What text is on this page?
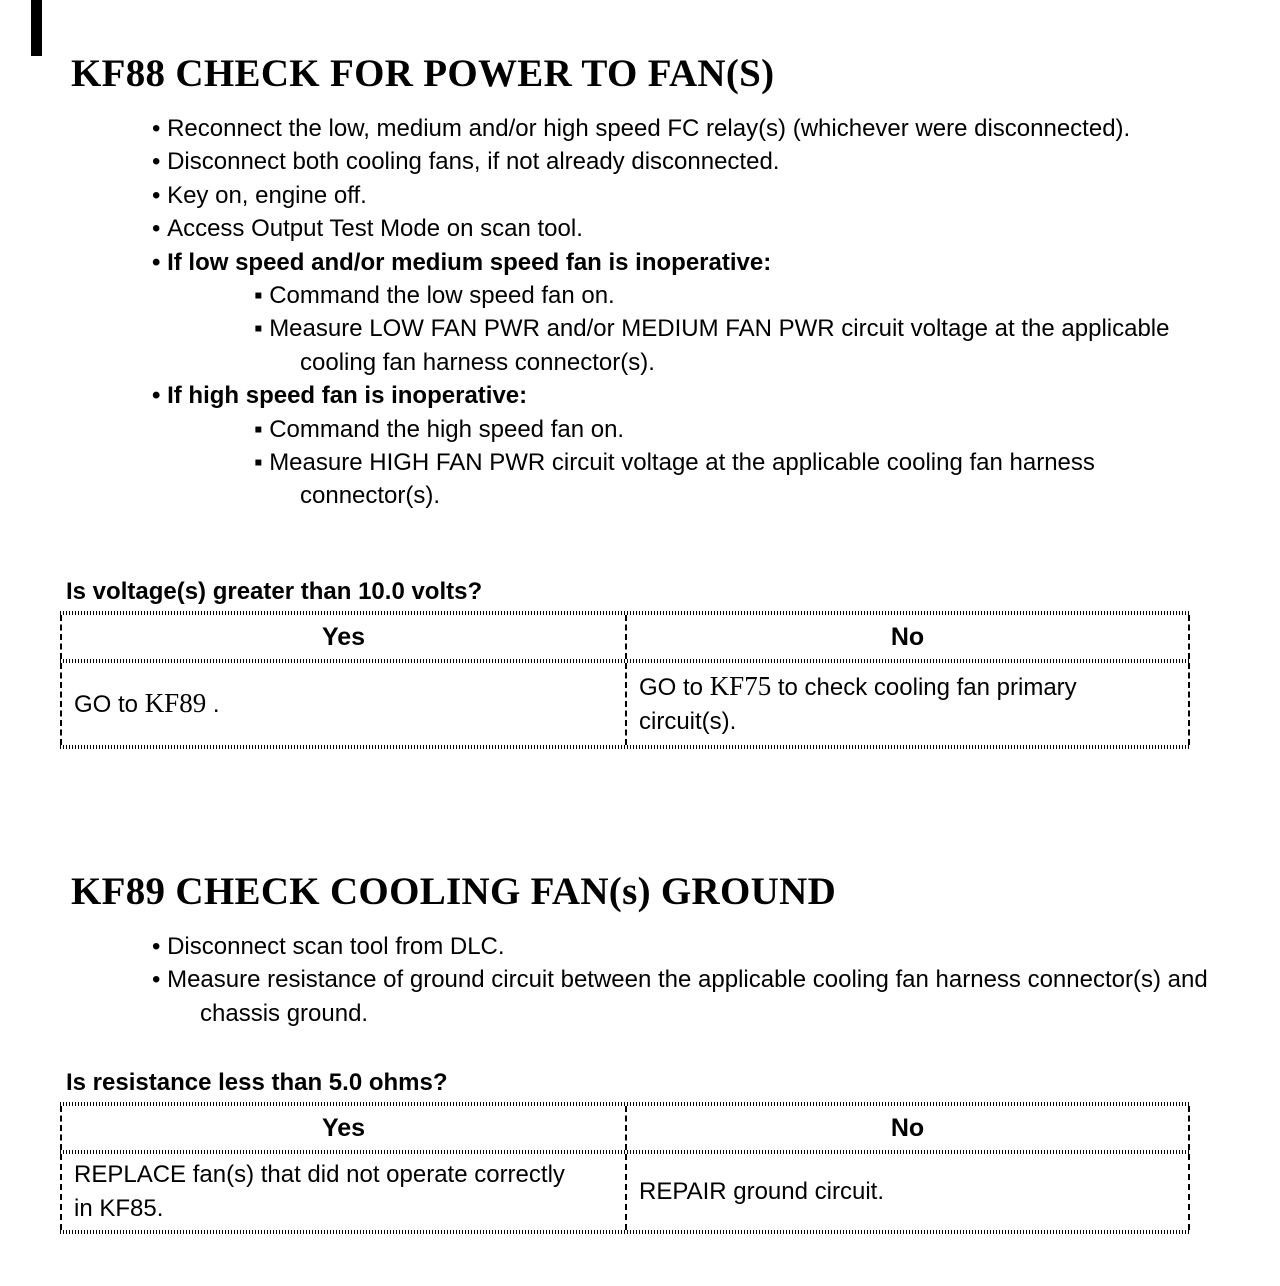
KF88 CHECK FOR POWER TO FAN(S)
• Reconnect the low, medium and/or high speed FC relay(s) (whichever were disconnected).
• Disconnect both cooling fans, if not already disconnected.
• Key on, engine off.
• Access Output Test Mode on scan tool.
• If low speed and/or medium speed fan is inoperative:
▪ Command the low speed fan on.
▪ Measure LOW FAN PWR and/or MEDIUM FAN PWR circuit voltage at the applicable cooling fan harness connector(s).
• If high speed fan is inoperative:
▪ Command the high speed fan on.
▪ Measure HIGH FAN PWR circuit voltage at the applicable cooling fan harness connector(s).
Is voltage(s) greater than 10.0 volts?
Yes	No
GO to KF89 .
GO to KF75 to check cooling fan primary circuit(s).
KF89 CHECK COOLING FAN(s) GROUND
• Disconnect scan tool from DLC.
• Measure resistance of ground circuit between the applicable cooling fan harness connector(s) and chassis ground.
Is resistance less than 5.0 ohms?
Yes	No
REPLACE fan(s) that did not operate correctly in KF85.
REPAIR ground circuit.
